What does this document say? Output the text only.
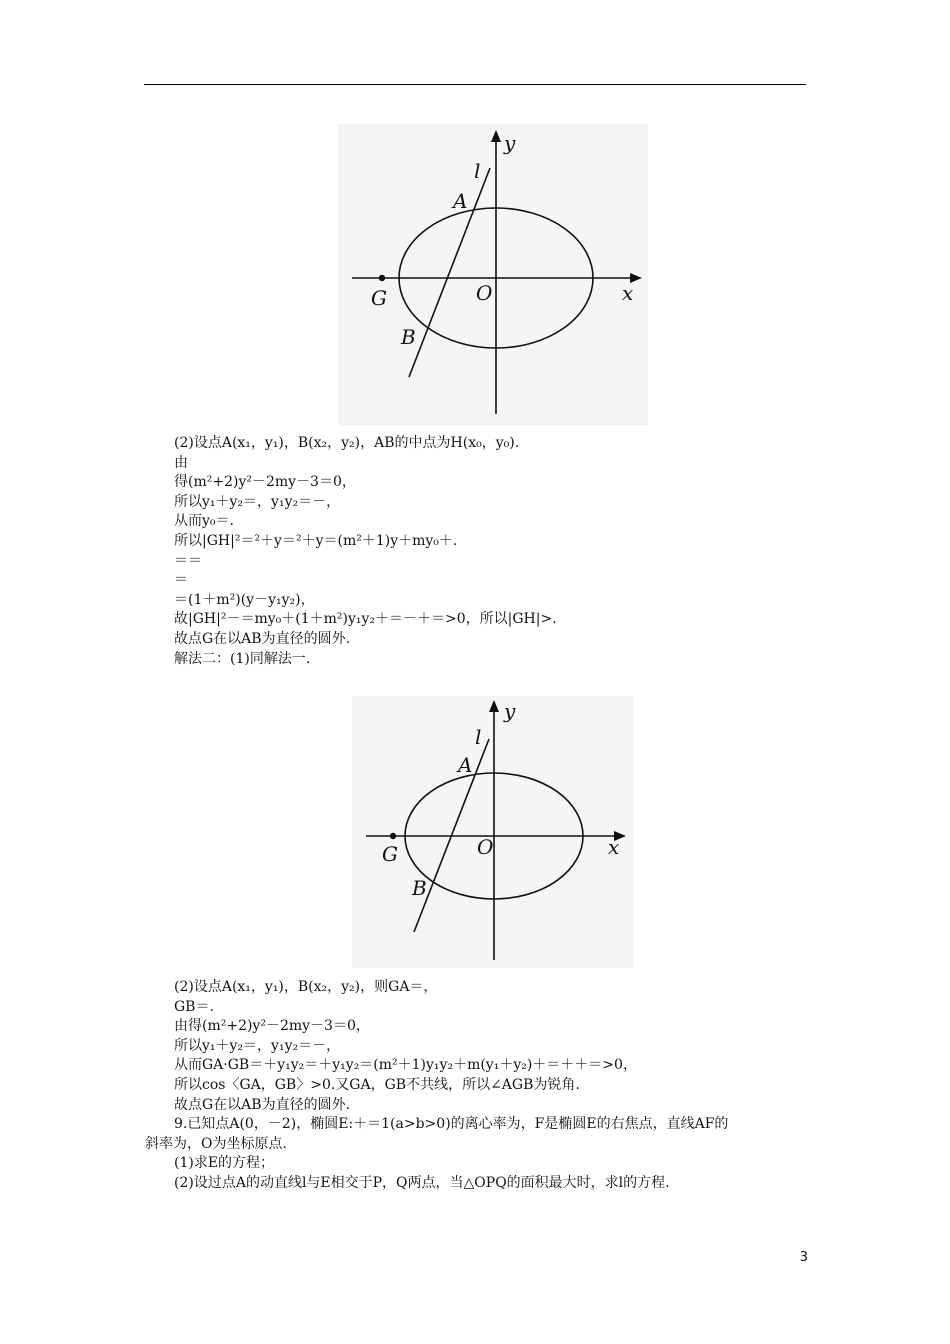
y
l
A
G	O	x
B
(2)设点A(x₁，y₁)，B(x₂，y₂)，AB的中点为H(x₀，y₀).
由
得(m²+2)y²－2my－3＝0，
所以y₁＋y₂＝，y₁y₂＝－，
从而y₀＝.
所以|GH|²＝²＋y＝²＋y＝(m²＋1)y＋my₀＋.
＝＝
＝
＝(1＋m²)(y－y₁y₂)，
故|GH|²－＝my₀＋(1＋m²)y₁y₂＋＝－＋＝>0，所以|GH|>.
故点G在以AB为直径的圆外.
解法二：(1)同解法一.
y
l
A
G	O	x
B
(2)设点A(x₁，y₁)，B(x₂，y₂)，则GA＝，
GB＝.
由得(m²+2)y²－2my－3＝0，
所以y₁＋y₂＝，y₁y₂＝－，
从而GA·GB＝＋y₁y₂＝＋y₁y₂＝(m²＋1)y₁y₂＋m(y₁＋y₂)＋＝＋＋＝>0，
所以cos〈GA，GB〉>0.又GA，GB不共线，所以∠AGB为锐角.
故点G在以AB为直径的圆外.
9.已知点A(0，－2)，椭圆E:＋＝1(a>b>0)的离心率为，F是椭圆E的右焦点，直线AF的
斜率为，O为坐标原点.
(1)求E的方程；
(2)设过点A的动直线l与E相交于P，Q两点，当△OPQ的面积最大时，求l的方程.
3
